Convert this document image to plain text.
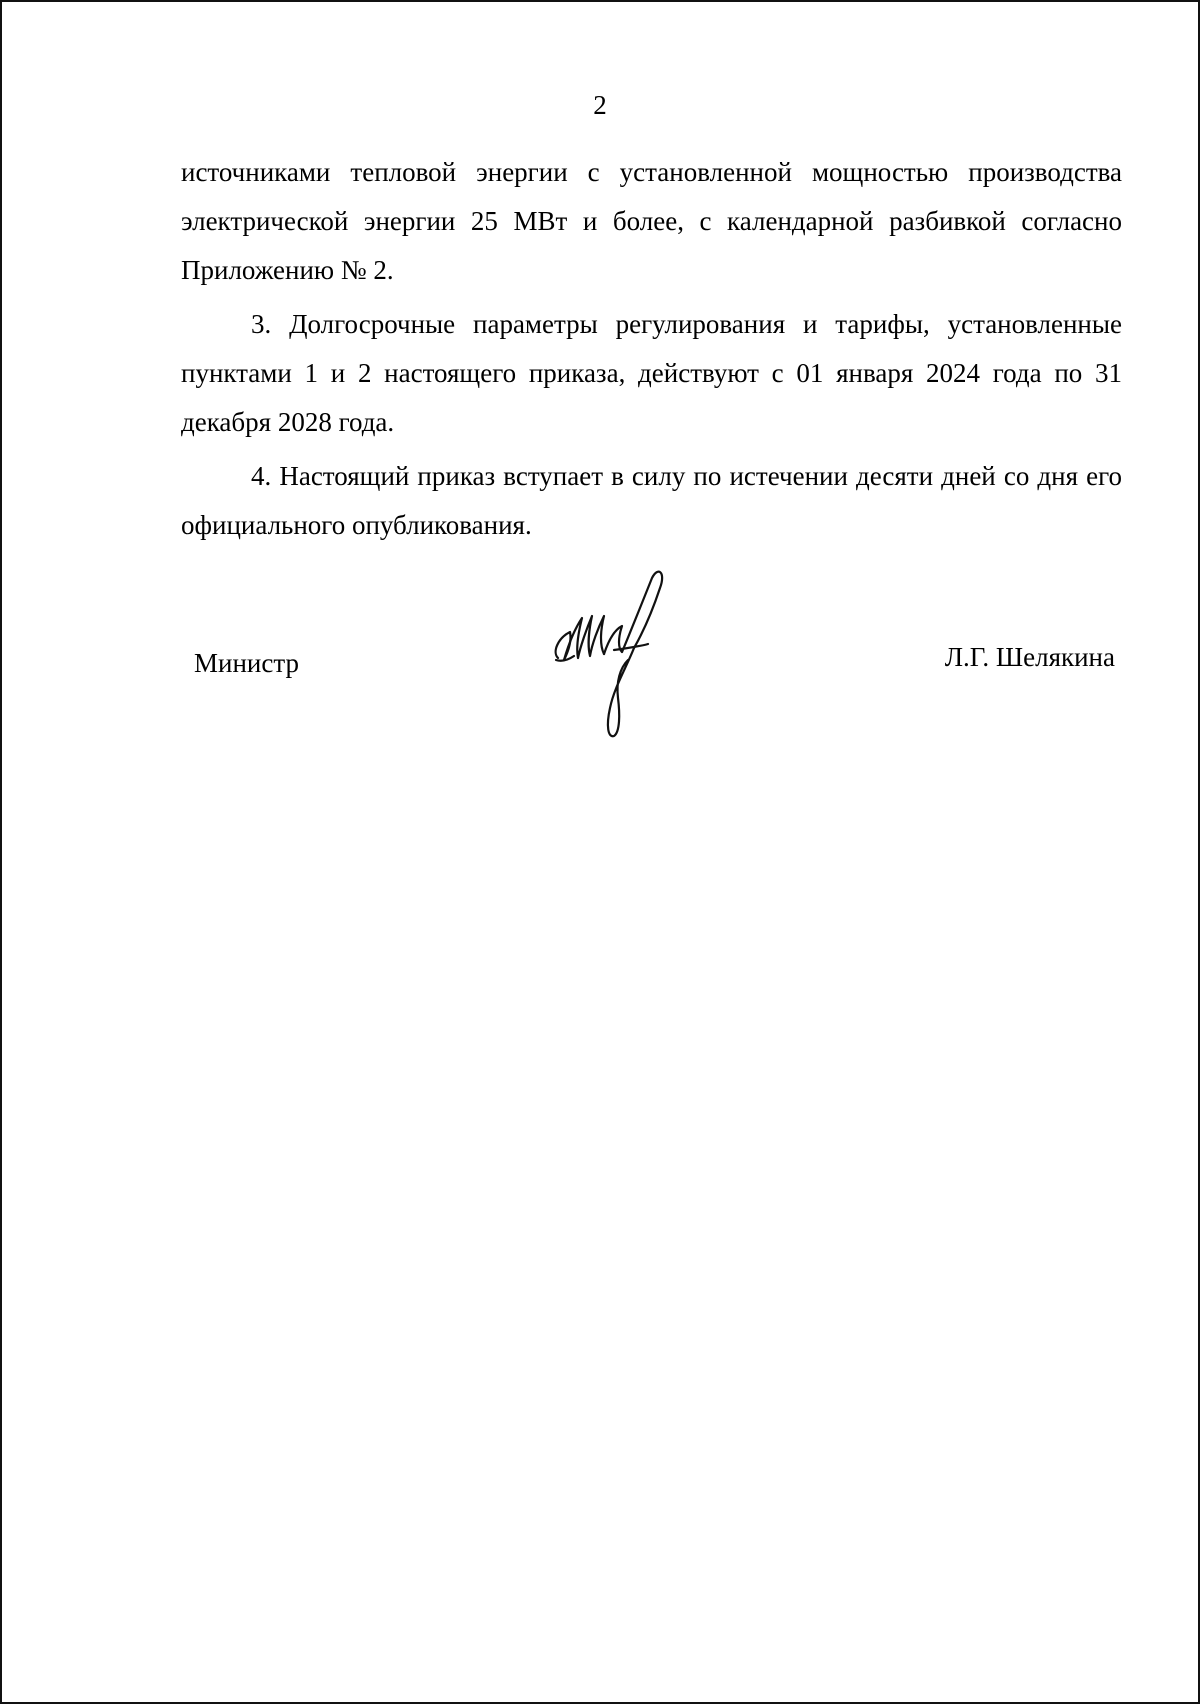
2

источниками тепловой энергии с установленной мощностью производства электрической энергии 25 МВт и более, с календарной разбивкой согласно Приложению № 2.

3. Долгосрочные параметры регулирования и тарифы, установленные пунктами 1 и 2 настоящего приказа, действуют с 01 января 2024 года по 31 декабря 2028 года.

4. Настоящий приказ вступает в силу по истечении десяти дней со дня его официального опубликования.

Министр	Л.Г. Шелякина
